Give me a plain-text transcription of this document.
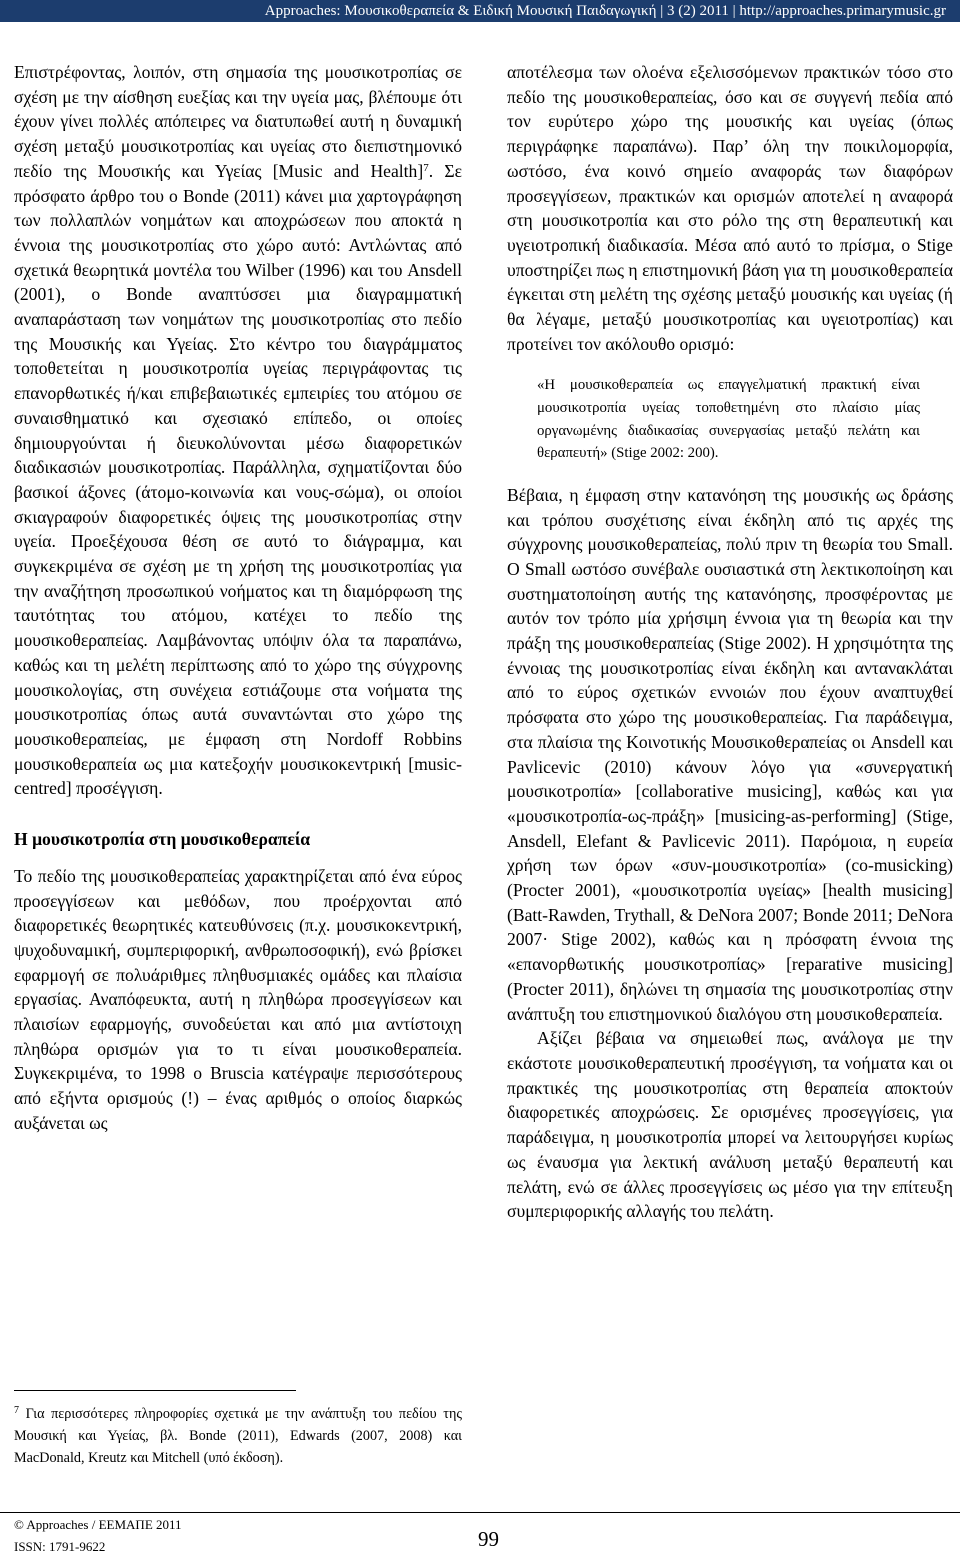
Approaches: Μουσικοθεραπεία & Ειδική Μουσική Παιδαγωγική | 3 (2) 2011 | http://approaches.primarymusic.gr

Επιστρέφοντας, λοιπόν, στη σημασία της μουσικοτροπίας σε σχέση με την αίσθηση ευεξίας και την υγεία μας, βλέπουμε ότι έχουν γίνει πολλές απόπειρες να διατυπωθεί αυτή η δυναμική σχέση μεταξύ μουσικοτροπίας και υγείας στο διεπιστημονικό πεδίο της Μουσικής και Υγείας [Music and Health]$^7$. Σε πρόσφατο άρθρο του ο Bonde (2011) κάνει μια χαρτογράφηση των πολλαπλών νοημάτων και αποχρώσεων που αποκτά η έννοια της μουσικοτροπίας στο χώρο αυτό: Αντλώντας από σχετικά θεωρητικά μοντέλα του Wilber (1996) και του Ansdell (2001), ο Bonde αναπτύσσει μια διαγραμματική αναπαράσταση των νοημάτων της μουσικοτροπίας στο πεδίο της Μουσικής και Υγείας. Στο κέντρο του διαγράμματος τοποθετείται η μουσικοτροπία υγείας περιγράφοντας τις επανορθωτικές ή/και επιβεβαιωτικές εμπειρίες του ατόμου σε συναισθηματικό και σχεσιακό επίπεδο, οι οποίες δημιουργούνται ή διευκολύνονται μέσω διαφορετικών διαδικασιών μουσικοτροπίας. Παράλληλα, σχηματίζονται δύο βασικοί άξονες (άτομο-κοινωνία και νους-σώμα), οι οποίοι σκιαγραφούν διαφορετικές όψεις της μουσικοτροπίας στην υγεία. Προεξέχουσα θέση σε αυτό το διάγραμμα, και συγκεκριμένα σε σχέση με τη χρήση της μουσικοτροπίας για την αναζήτηση προσωπικού νοήματος και τη διαμόρφωση της ταυτότητας του ατόμου, κατέχει το πεδίο της μουσικοθεραπείας. Λαμβάνοντας υπόψιν όλα τα παραπάνω, καθώς και τη μελέτη περίπτωσης από το χώρο της σύγχρονης μουσικολογίας, στη συνέχεια εστιάζουμε στα νοήματα της μουσικοτροπίας όπως αυτά συναντώνται στο χώρο της μουσικοθεραπείας, με έμφαση στη Nordoff Robbins μουσικοθεραπεία ως μια κατεξοχήν μουσικοκεντρική [music-centred] προσέγγιση.

Η μουσικοτροπία στη μουσικοθεραπεία

Το πεδίο της μουσικοθεραπείας χαρακτηρίζεται από ένα εύρος προσεγγίσεων και μεθόδων, που προέρχονται από διαφορετικές θεωρητικές κατευθύνσεις (π.χ. μουσικοκεντρική, ψυχοδυναμική, συμπεριφορική, ανθρωποσοφική), ενώ βρίσκει εφαρμογή σε πολυάριθμες πληθυσμιακές ομάδες και πλαίσια εργασίας. Αναπόφευκτα, αυτή η πληθώρα προσεγγίσεων και πλαισίων εφαρμογής, συνοδεύεται και από μια αντίστοιχη πληθώρα ορισμών για το τι είναι μουσικοθεραπεία. Συγκεκριμένα, το 1998 ο Bruscia κατέγραψε περισσότερους από εξήντα ορισμούς (!) – ένας αριθμός ο οποίος διαρκώς αυξάνεται ως

$^7$ Για περισσότερες πληροφορίες σχετικά με την ανάπτυξη του πεδίου της Μουσική και Υγείας, βλ. Bonde (2011), Edwards (2007, 2008) και MacDonald, Kreutz και Mitchell (υπό έκδοση).

αποτέλεσμα των ολοένα εξελισσόμενων πρακτικών τόσο στο πεδίο της μουσικοθεραπείας, όσο και σε συγγενή πεδία από τον ευρύτερο χώρο της μουσικής και υγείας (όπως περιγράφηκε παραπάνω). Παρ’ όλη την ποικιλομορφία, ωστόσο, ένα κοινό σημείο αναφοράς των διαφόρων προσεγγίσεων, πρακτικών και ορισμών αποτελεί η αναφορά στη μουσικοτροπία και στο ρόλο της στη θεραπευτική και υγειοτροπική διαδικασία. Μέσα από αυτό το πρίσμα, ο Stige υποστηρίζει πως η επιστημονική βάση για τη μουσικοθεραπεία έγκειται στη μελέτη της σχέσης μεταξύ μουσικής και υγείας (ή θα λέγαμε, μεταξύ μουσικοτροπίας και υγειοτροπίας) και προτείνει τον ακόλουθο ορισμό:

«Η μουσικοθεραπεία ως επαγγελματική πρακτική είναι μουσικοτροπία υγείας τοποθετημένη στο πλαίσιο μίας οργανωμένης διαδικασίας συνεργασίας μεταξύ πελάτη και θεραπευτή» (Stige 2002: 200).

Βέβαια, η έμφαση στην κατανόηση της μουσικής ως δράσης και τρόπου συσχέτισης είναι έκδηλη από τις αρχές της σύγχρονης μουσικοθεραπείας, πολύ πριν τη θεωρία του Small. Ο Small ωστόσο συνέβαλε ουσιαστικά στη λεκτικοποίηση και συστηματοποίηση αυτής της κατανόησης, προσφέροντας με αυτόν τον τρόπο μία χρήσιμη έννοια για τη θεωρία και την πράξη της μουσικοθεραπείας (Stige 2002). Η χρησιμότητα της έννοιας της μουσικοτροπίας είναι έκδηλη και αντανακλάται από το εύρος σχετικών εννοιών που έχουν αναπτυχθεί πρόσφατα στο χώρο της μουσικοθεραπείας. Για παράδειγμα, στα πλαίσια της Κοινοτικής Μουσικοθεραπείας οι Ansdell και Pavlicevic (2010) κάνουν λόγο για «συνεργατική μουσικοτροπία» [collaborative musicing], καθώς και για «μουσικοτροπία-ως-πράξη» [musicing-as-performing] (Stige, Ansdell, Elefant & Pavlicevic 2011). Παρόμοια, η ευρεία χρήση των όρων «συν-μουσικοτροπία» (co-musicking) (Procter 2001), «μουσικοτροπία υγείας» [health musicing] (Batt-Rawden, Trythall, & DeNora 2007; Bonde 2011; DeNora 2007· Stige 2002), καθώς και η πρόσφατη έννοια της «επανορθωτικής μουσικοτροπίας» [reparative musicing] (Procter 2011), δηλώνει τη σημασία της μουσικοτροπίας στην ανάπτυξη του επιστημονικού διαλόγου στη μουσικοθεραπεία.

Αξίζει βέβαια να σημειωθεί πως, ανάλογα με την εκάστοτε μουσικοθεραπευτική προσέγγιση, τα νοήματα και οι πρακτικές της μουσικοτροπίας στη θεραπεία αποκτούν διαφορετικές αποχρώσεις. Σε ορισμένες προσεγγίσεις, για παράδειγμα, η μουσικοτροπία μπορεί να λειτουργήσει κυρίως ως έναυσμα για λεκτική ανάλυση μεταξύ θεραπευτή και πελάτη, ενώ σε άλλες προσεγγίσεις ως μέσο για την επίτευξη συμπεριφορικής αλλαγής του πελάτη.

© Approaches / ΕΕΜΑΠΕ 2011
ISSN: 1791-9622	99
